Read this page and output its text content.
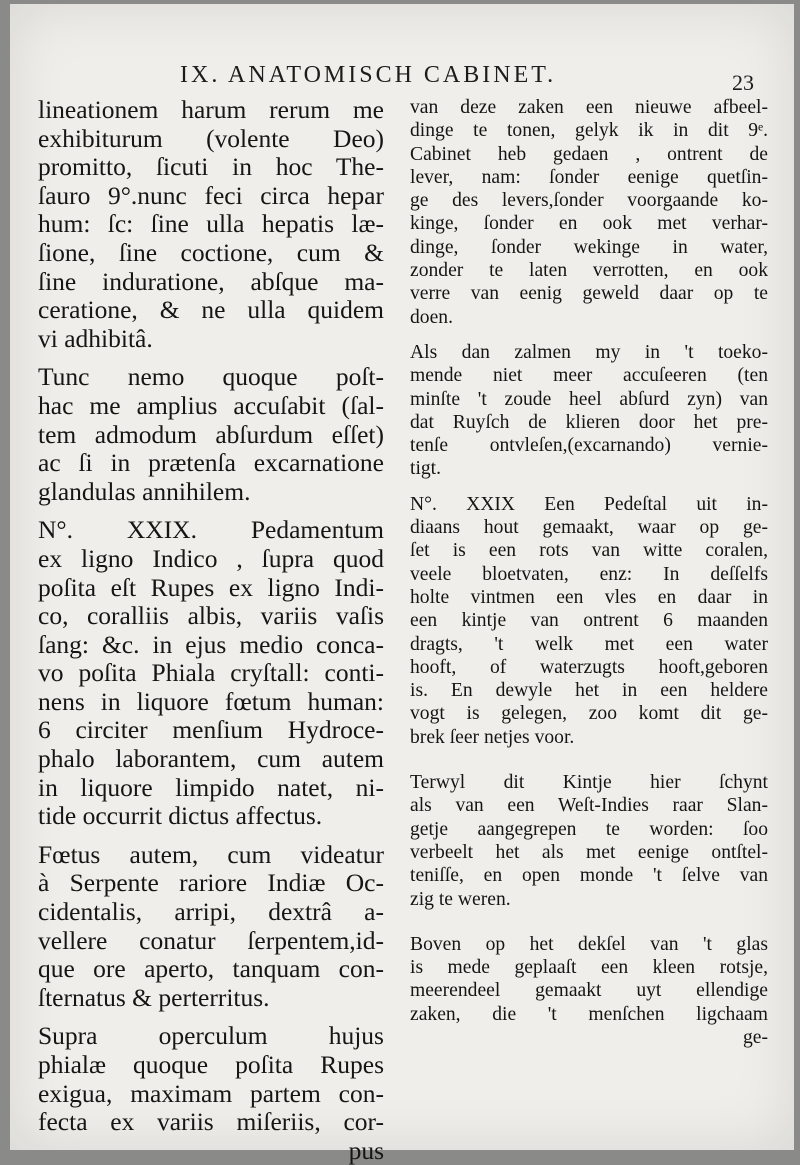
IX. ANATOMISCH CABINET.	23
lineationem harum rerum me
exhibiturum (volente Deo)
promitto, ſicuti in hoc The-
ſauro 9°.nunc feci circa hepar
hum: ſc: ſine ulla hepatis læ-
ſione, ſine coctione, cum &
ſine induratione, abſque ma-
ceratione, & ne ulla quidem
vi adhibitâ.
Tunc nemo quoque poſt-
hac me amplius accuſabit (ſal-
tem admodum abſurdum eſſet)
ac ſi in prætenſa excarnatione
glandulas annihilem.
N°. XXIX. Pedamentum
ex ligno Indico , ſupra quod
poſita eſt Rupes ex ligno Indi-
co, coralliis albis, variis vaſis
ſang: &c. in ejus medio conca-
vo poſita Phiala cryſtall: conti-
nens in liquore fœtum human:
6 circiter menſium Hydroce-
phalo laborantem, cum autem
in liquore limpido natet, ni-
tide occurrit dictus affectus.
Fœtus autem, cum videatur
à Serpente rariore Indiæ Oc-
cidentalis, arripi, dextrâ a-
vellere conatur ſerpentem,id-
que ore aperto, tanquam con-
ſternatus & perterritus.
Supra operculum hujus
phialæ quoque poſita Rupes
exigua, maximam partem con-
fecta ex variis miſeriis, cor-
pus
van deze zaken een nieuwe afbeel-
dinge te tonen, gelyk ik in dit 9ᵉ.
Cabinet heb gedaen , ontrent de
lever, nam: ſonder eenige quetſin-
ge des levers,ſonder voorgaande ko-
kinge, ſonder en ook met verhar-
dinge, ſonder wekinge in water,
zonder te laten verrotten, en ook
verre van eenig geweld daar op te
doen.
Als dan zalmen my in 't toeko-
mende niet meer accuſeeren (ten
minſte 't zoude heel abſurd zyn) van
dat Ruyſch de klieren door het pre-
tenſe ontvleſen,(excarnando) vernie-
tigt.
N°. XXIX Een Pedeſtal uit in-
diaans hout gemaakt, waar op ge-
ſet is een rots van witte coralen,
veele bloetvaten, enz: In deſſelfs
holte vintmen een vles en daar in
een kintje van ontrent 6 maanden
dragts, 't welk met een water
hooft, of waterzugts hooft,geboren
is. En dewyle het in een heldere
vogt is gelegen, zoo komt dit ge-
brek ſeer netjes voor.
Terwyl dit Kintje hier ſchynt
als van een Weſt-Indies raar Slan-
getje aangegrepen te worden: ſoo
verbeelt het als met eenige ontſtel-
teniſſe, en open monde 't ſelve van
zig te weren.
Boven op het dekſel van 't glas
is mede geplaaſt een kleen rotsje,
meerendeel gemaakt uyt ellendige
zaken, die 't menſchen ligchaam
ge-
